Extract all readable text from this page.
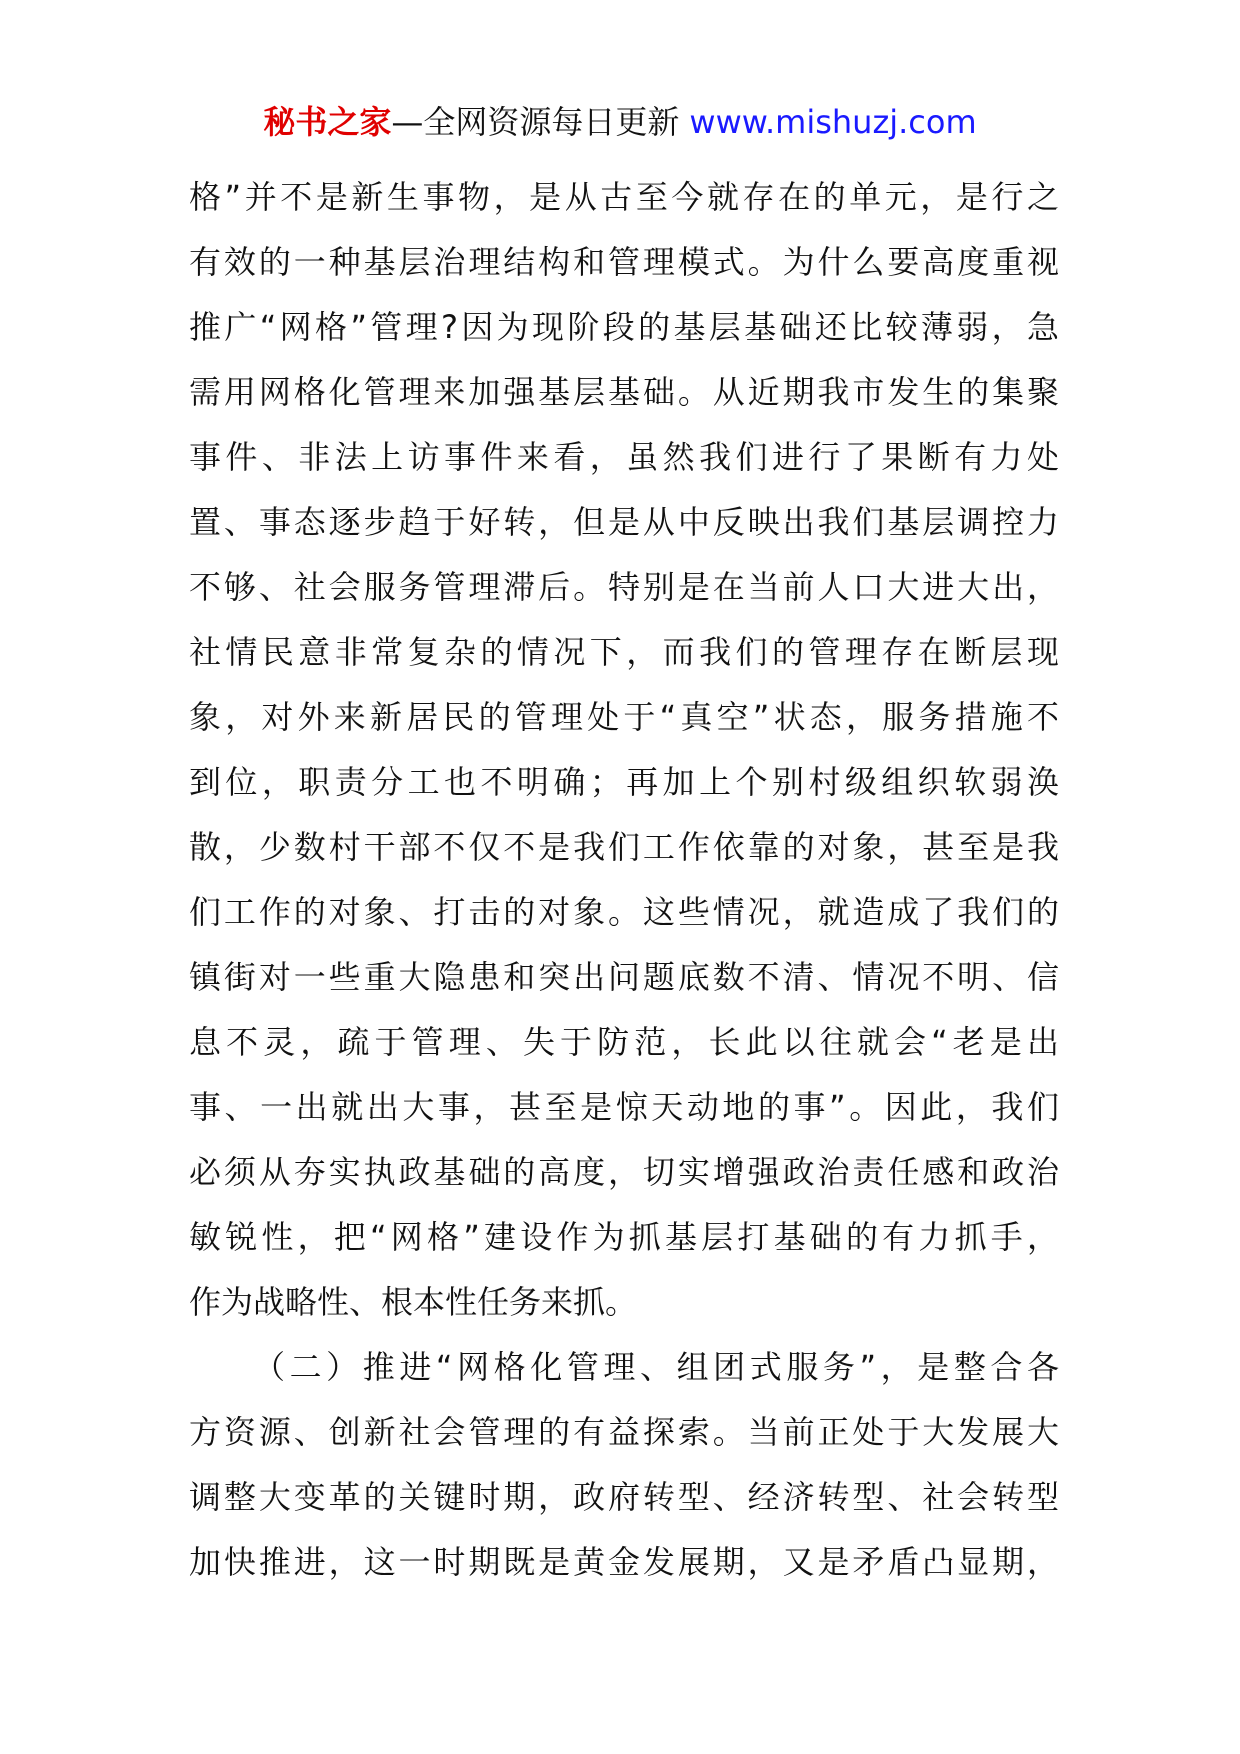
秘书之家—全网资源每日更新 www.mishuzj.com
格”并不是新生事物，是从古至今就存在的单元，是行之
有效的一种基层治理结构和管理模式。为什么要高度重视
推广“网格”管理?因为现阶段的基层基础还比较薄弱，急
需用网格化管理来加强基层基础。从近期我市发生的集聚
事件、非法上访事件来看，虽然我们进行了果断有力处
置、事态逐步趋于好转，但是从中反映出我们基层调控力
不够、社会服务管理滞后。特别是在当前人口大进大出，
社情民意非常复杂的情况下，而我们的管理存在断层现
象，对外来新居民的管理处于“真空”状态，服务措施不
到位，职责分工也不明确；再加上个别村级组织软弱涣
散，少数村干部不仅不是我们工作依靠的对象，甚至是我
们工作的对象、打击的对象。这些情况，就造成了我们的
镇街对一些重大隐患和突出问题底数不清、情况不明、信
息不灵，疏于管理、失于防范，长此以往就会“老是出
事、一出就出大事，甚至是惊天动地的事”。因此，我们
必须从夯实执政基础的高度，切实增强政治责任感和政治
敏锐性，把“网格”建设作为抓基层打基础的有力抓手，
作为战略性、根本性任务来抓。
（二）推进“网格化管理、组团式服务”，是整合各
方资源、创新社会管理的有益探索。当前正处于大发展大
调整大变革的关键时期，政府转型、经济转型、社会转型
加快推进，这一时期既是黄金发展期，又是矛盾凸显期，
